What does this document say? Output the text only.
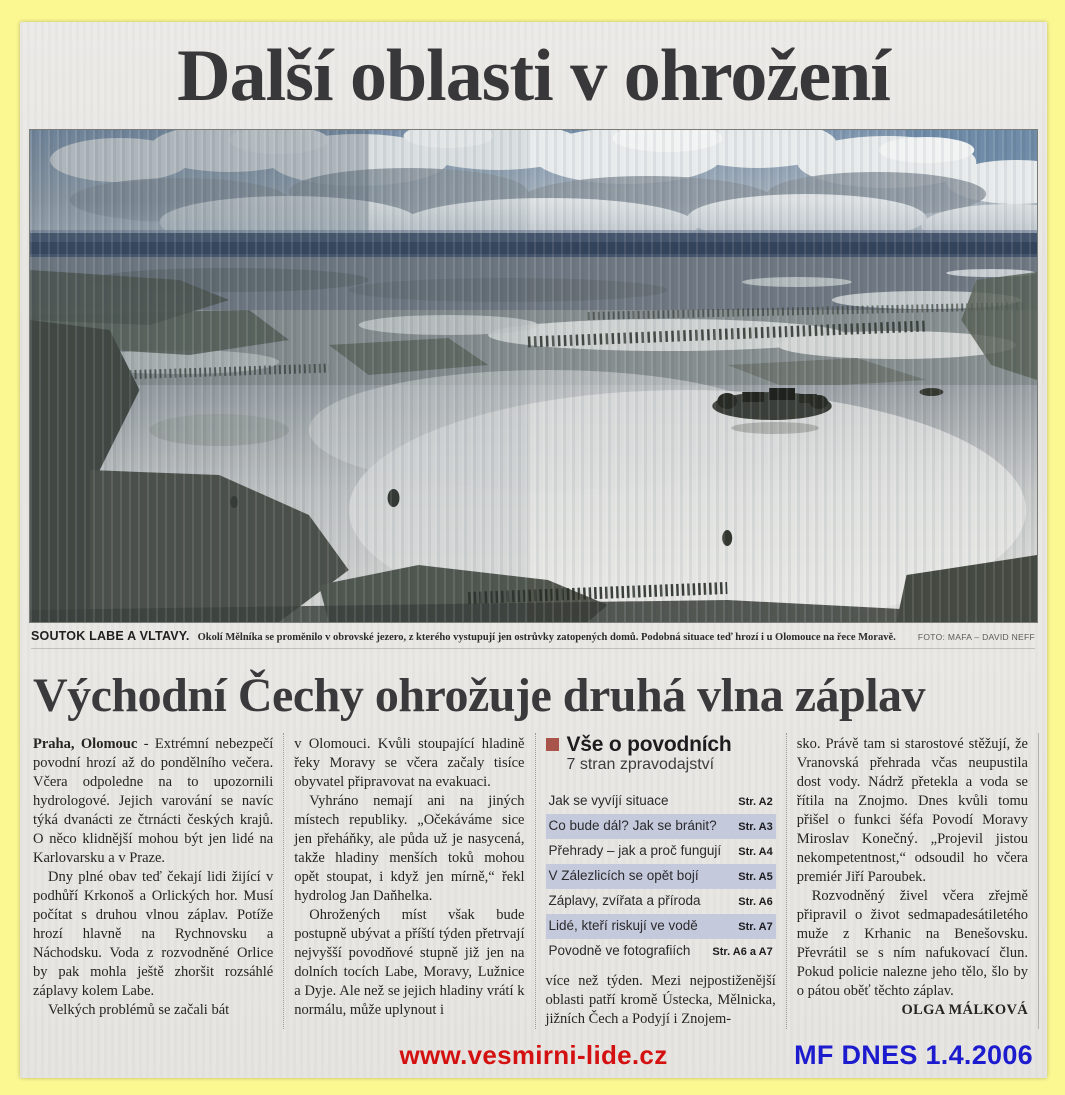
Další oblasti v ohrožení
SOUTOK LABE A VLTAVY. Okolí Mělníka se proměnilo v obrovské jezero, z kterého vystupují jen ostrůvky zatopených domů. Podobná situace teď hrozí i u Olomouce na řece Moravě.	FOTO: MAFA – DAVID NEFF
Východní Čechy ohrožuje druhá vlna záplav

Praha, Olomouc - Extrémní nebezpečí povodní hrozí až do pondělního večera. Včera odpoledne na to upozornili hydrologové. Jejich varování se navíc týká dvanácti ze čtrnácti českých krajů. O něco klidnější mohou být jen lidé na Karlovarsku a v Praze.

Dny plné obav teď čekají lidi žijící v podhůří Krkonoš a Orlických hor. Musí počítat s druhou vlnou záplav. Potíže hrozí hlavně na Rychnovsku a Náchodsku. Voda z rozvodněné Orlice by pak mohla ještě zhoršit rozsáhlé záplavy kolem Labe.

Velkých problémů se začali bát

v Olomouci. Kvůli stoupající hladině řeky Moravy se včera začaly tisíce obyvatel připravovat na evakuaci.

Vyhráno nemají ani na jiných místech republiky. „Očekáváme sice jen přeháňky, ale půda už je nasycená, takže hladiny menších toků mohou opět stoupat, i když jen mírně,“ řekl hydrolog Jan Daňhelka.

Ohrožených míst však bude postupně ubývat a příští týden přetrvají nejvyšší povodňové stupně již jen na dolních tocích Labe, Moravy, Lužnice a Dyje. Ale než se jejich hladiny vrátí k normálu, může uplynout i

Vše o povodních
7 stran zpravodajství
Jak se vyvíjí situace	Str. A2
Co bude dál? Jak se bránit? Str. A3
Přehrady – jak a proč fungují Str. A4
V Zálezlicích se opět bojí	Str. A5
Záplavy, zvířata a příroda	Str. A6
Lidé, kteří riskují ve vodě	Str. A7
Povodně ve fotografiích Str. A6 a A7

více než týden. Mezi nejpostiženější oblasti patří kromě Ústecka, Mělnicka, jižních Čech a Podyjí i Znojem-

sko. Právě tam si starostové stěžují, že Vranovská přehrada včas neupustila dost vody. Nádrž přetekla a voda se řítila na Znojmo. Dnes kvůli tomu přišel o funkci šéfa Povodí Moravy Miroslav Konečný. „Projevil jistou nekompetentnost,“ odsoudil ho včera premiér Jiří Paroubek.

Rozvodněný živel včera zřejmě připravil o život sedmapadesátiletého muže z Krhanic na Benešovsku. Převrátil se s ním nafukovací člun. Pokud policie nalezne jeho tělo, šlo by o pátou oběť těchto záplav.

OLGA MÁLKOVÁ

www.vesmirni-lide.cz	MF DNES 1.4.2006
